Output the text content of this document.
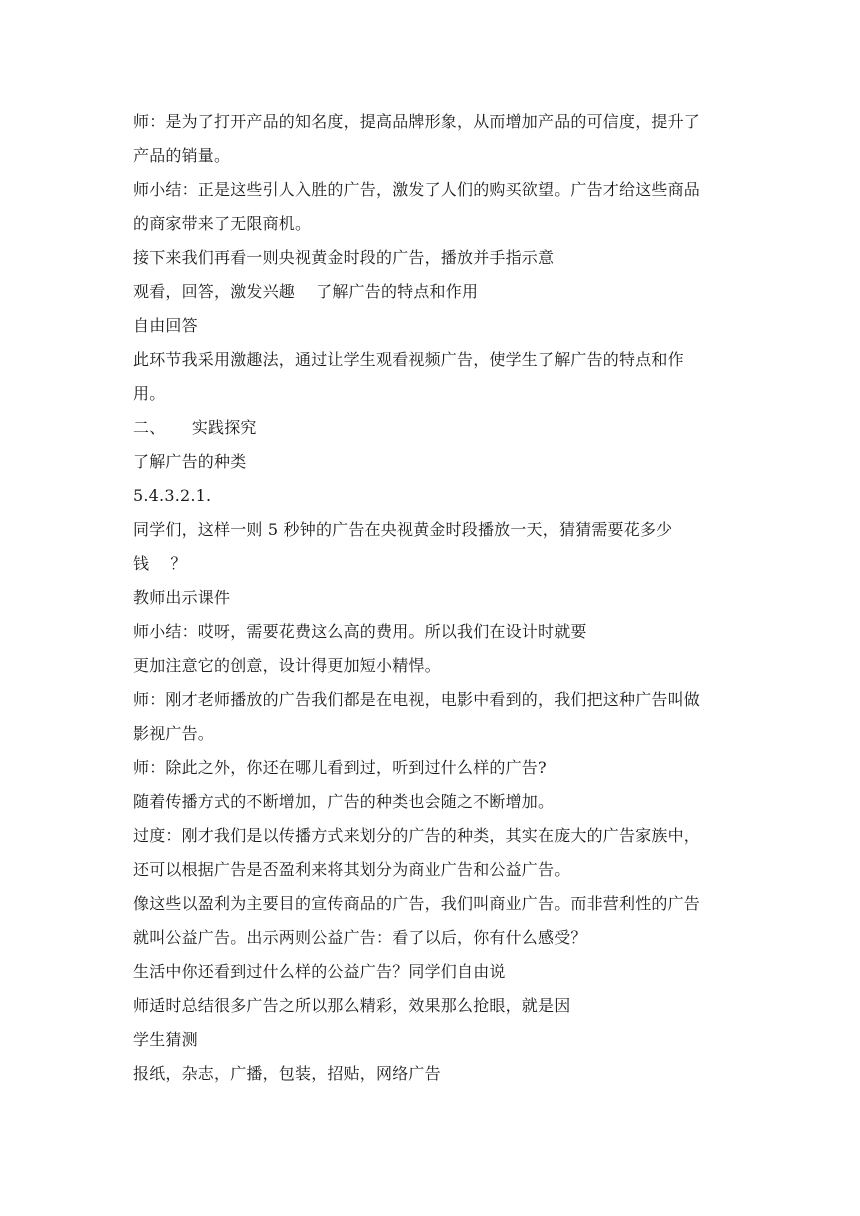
师：是为了打开产品的知名度，提高品牌形象，从而增加产品的可信度，提升了
产品的销量。
师小结：正是这些引人入胜的广告，激发了人们的购买欲望。广告才给这些商品
的商家带来了无限商机。
接下来我们再看一则央视黄金时段的广告，播放并手指示意
观看，回答，激发兴趣    了解广告的特点和作用
自由回答
此环节我采用激趣法，通过让学生观看视频广告，使学生了解广告的特点和作
用。
二、     实践探究
了解广告的种类
5.4.3.2.1.
同学们，这样一则 5 秒钟的广告在央视黄金时段播放一天，猜猜需要花多少
钱    ？
教师出示课件
师小结：哎呀，需要花费这么高的费用。所以我们在设计时就要
更加注意它的创意，设计得更加短小精悍。
师：刚才老师播放的广告我们都是在电视，电影中看到的，我们把这种广告叫做
影视广告。
师：除此之外，你还在哪儿看到过，听到过什么样的广告?
随着传播方式的不断增加，广告的种类也会随之不断增加。
过度：刚才我们是以传播方式来划分的广告的种类，其实在庞大的广告家族中，
还可以根据广告是否盈利来将其划分为商业广告和公益广告。
像这些以盈利为主要目的宣传商品的广告，我们叫商业广告。而非营利性的广告
就叫公益广告。出示两则公益广告：看了以后，你有什么感受？
生活中你还看到过什么样的公益广告？同学们自由说
师适时总结很多广告之所以那么精彩，效果那么抢眼，就是因
学生猜测
报纸，杂志，广播，包装，招贴，网络广告
